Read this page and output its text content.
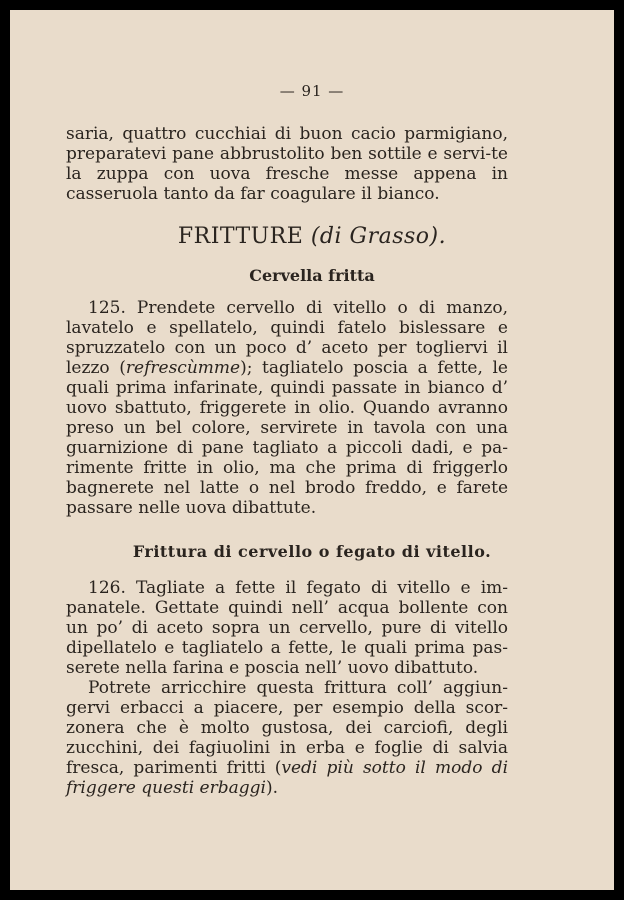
— 91 —

saria, quattro cucchiai di buon cacio parmigiano, preparatevi pane abbrustolito ben sottile e servi-te la zuppa con uova fresche messe appena in casseruola tanto da far coagulare il bianco.

FRITTURE (di Grasso).
Cervella fritta

125. Prendete cervello di vitello o di manzo, lavatelo e spellatelo, quindi fatelo bislessare e spruzzatelo con un poco d’ aceto per togliervi il lezzo (refrescùmme); tagliatelo poscia a fette, le quali prima infarinate, quindi passate in bianco d’ uovo sbattuto, friggerete in olio. Quando avranno preso un bel colore, servirete in tavola con una guarnizione di pane tagliato a piccoli dadi, e pa-rimente fritte in olio, ma che prima di friggerlo bagnerete nel latte o nel brodo freddo, e farete passare nelle uova dibattute.

Frittura di cervello o fegato di vitello.

126. Tagliate a fette il fegato di vitello e im-panatele. Gettate quindi nell’ acqua bollente con un po’ di aceto sopra un cervello, pure di vitello dipellatelo e tagliatelo a fette, le quali prima pas-serete nella farina e poscia nell’ uovo dibattuto.

Potrete arricchire questa frittura coll’ aggiun-gervi erbacci a piacere, per esempio della scor-zonera che è molto gustosa, dei carciofi, degli zucchini, dei fagiuolini in erba e foglie di salvia fresca, parimenti fritti (vedi più sotto il modo di friggere questi erbaggi).
